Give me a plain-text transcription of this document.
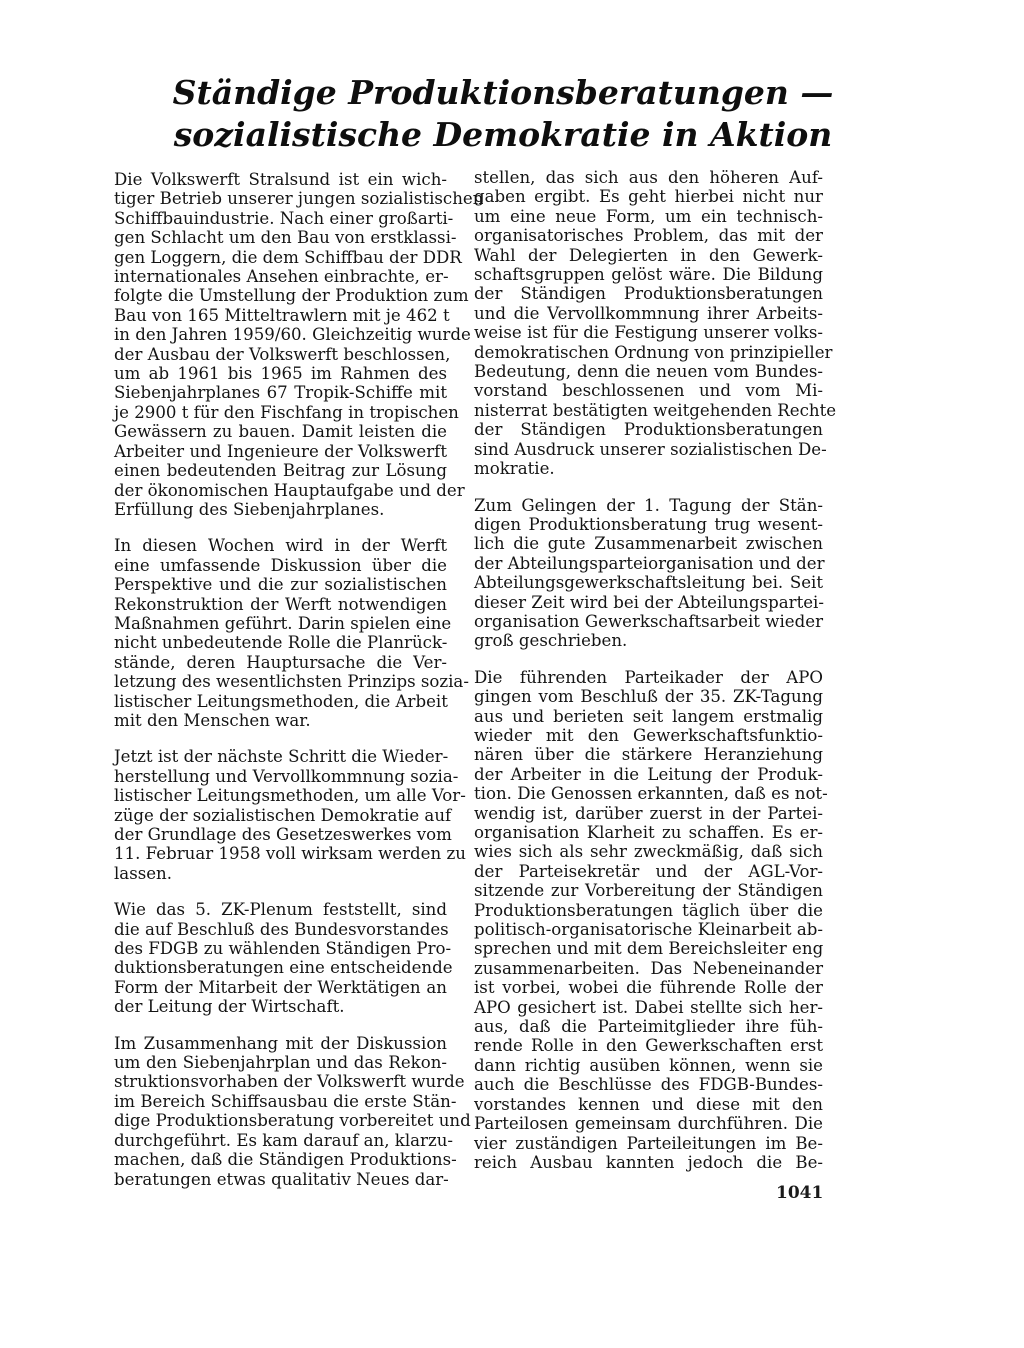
Ständige Produktionsberatungen —
sozialistische Demokratie in Aktion

Die Volkswerft Stralsund ist ein wich-
tiger Betrieb unserer jungen sozialistischen
Schiffbauindustrie. Nach einer großarti-
gen Schlacht um den Bau von erstklassi-
gen Loggern, die dem Schiffbau der DDR
internationales Ansehen einbrachte, er-
folgte die Umstellung der Produktion zum
Bau von 165 Mitteltrawlern mit je 462 t
in den Jahren 1959/60. Gleichzeitig wurde
der Ausbau der Volkswerft beschlossen,
um ab 1961 bis 1965 im Rahmen des
Siebenjahrplanes 67 Tropik-Schiffe mit
je 2900 t für den Fischfang in tropischen
Gewässern zu bauen. Damit leisten die
Arbeiter und Ingenieure der Volkswerft
einen bedeutenden Beitrag zur Lösung
der ökonomischen Hauptaufgabe und der
Erfüllung des Siebenjahrplanes.

In diesen Wochen wird in der Werft
eine umfassende Diskussion über die
Perspektive und die zur sozialistischen
Rekonstruktion der Werft notwendigen
Maßnahmen geführt. Darin spielen eine
nicht unbedeutende Rolle die Planrück-
stände, deren Hauptursache die Ver-
letzung des wesentlichsten Prinzips sozia-
listischer Leitungsmethoden, die Arbeit
mit den Menschen war.

Jetzt ist der nächste Schritt die Wieder-
herstellung und Vervollkommnung sozia-
listischer Leitungsmethoden, um alle Vor-
züge der sozialistischen Demokratie auf
der Grundlage des Gesetzeswerkes vom
11. Februar 1958 voll wirksam werden zu
lassen.

Wie das 5. ZK-Plenum feststellt, sind
die auf Beschluß des Bundesvorstandes
des FDGB zu wählenden Ständigen Pro-
duktionsberatungen eine entscheidende
Form der Mitarbeit der Werktätigen an
der Leitung der Wirtschaft.

Im Zusammenhang mit der Diskussion
um den Siebenjahrplan und das Rekon-
struktionsvorhaben der Volkswerft wurde
im Bereich Schiffsausbau die erste Stän-
dige Produktionsberatung vorbereitet und
durchgeführt. Es kam darauf an, klarzu-
machen, daß die Ständigen Produktions-
beratungen etwas qualitativ Neues dar-

stellen, das sich aus den höheren Auf-
gaben ergibt. Es geht hierbei nicht nur
um eine neue Form, um ein technisch-
organisatorisches Problem, das mit der
Wahl der Delegierten in den Gewerk-
schaftsgruppen gelöst wäre. Die Bildung
der Ständigen Produktionsberatungen
und die Vervollkommnung ihrer Arbeits-
weise ist für die Festigung unserer volks-
demokratischen Ordnung von prinzipieller
Bedeutung, denn die neuen vom Bundes-
vorstand beschlossenen und vom Mi-
nisterrat bestätigten weitgehenden Rechte
der Ständigen Produktionsberatungen
sind Ausdruck unserer sozialistischen De-
mokratie.

Zum Gelingen der 1. Tagung der Stän-
digen Produktionsberatung trug wesent-
lich die gute Zusammenarbeit zwischen
der Abteilungsparteiorganisation und der
Abteilungsgewerkschaftsleitung bei. Seit
dieser Zeit wird bei der Abteilungspartei-
organisation Gewerkschaftsarbeit wieder
groß geschrieben.

Die führenden Parteikader der APO
gingen vom Beschluß der 35. ZK-Tagung
aus und berieten seit langem erstmalig
wieder mit den Gewerkschaftsfunktio-
nären über die stärkere Heranziehung
der Arbeiter in die Leitung der Produk-
tion. Die Genossen erkannten, daß es not-
wendig ist, darüber zuerst in der Partei-
organisation Klarheit zu schaffen. Es er-
wies sich als sehr zweckmäßig, daß sich
der Parteisekretär und der AGL-Vor-
sitzende zur Vorbereitung der Ständigen
Produktionsberatungen täglich über die
politisch-organisatorische Kleinarbeit ab-
sprechen und mit dem Bereichsleiter eng
zusammenarbeiten. Das Nebeneinander
ist vorbei, wobei die führende Rolle der
APO gesichert ist. Dabei stellte sich her-
aus, daß die Parteimitglieder ihre füh-
rende Rolle in den Gewerkschaften erst
dann richtig ausüben können, wenn sie
auch die Beschlüsse des FDGB-Bundes-
vorstandes kennen und diese mit den
Parteilosen gemeinsam durchführen. Die
vier zuständigen Parteileitungen im Be-
reich Ausbau kannten jedoch die Be-

1041
